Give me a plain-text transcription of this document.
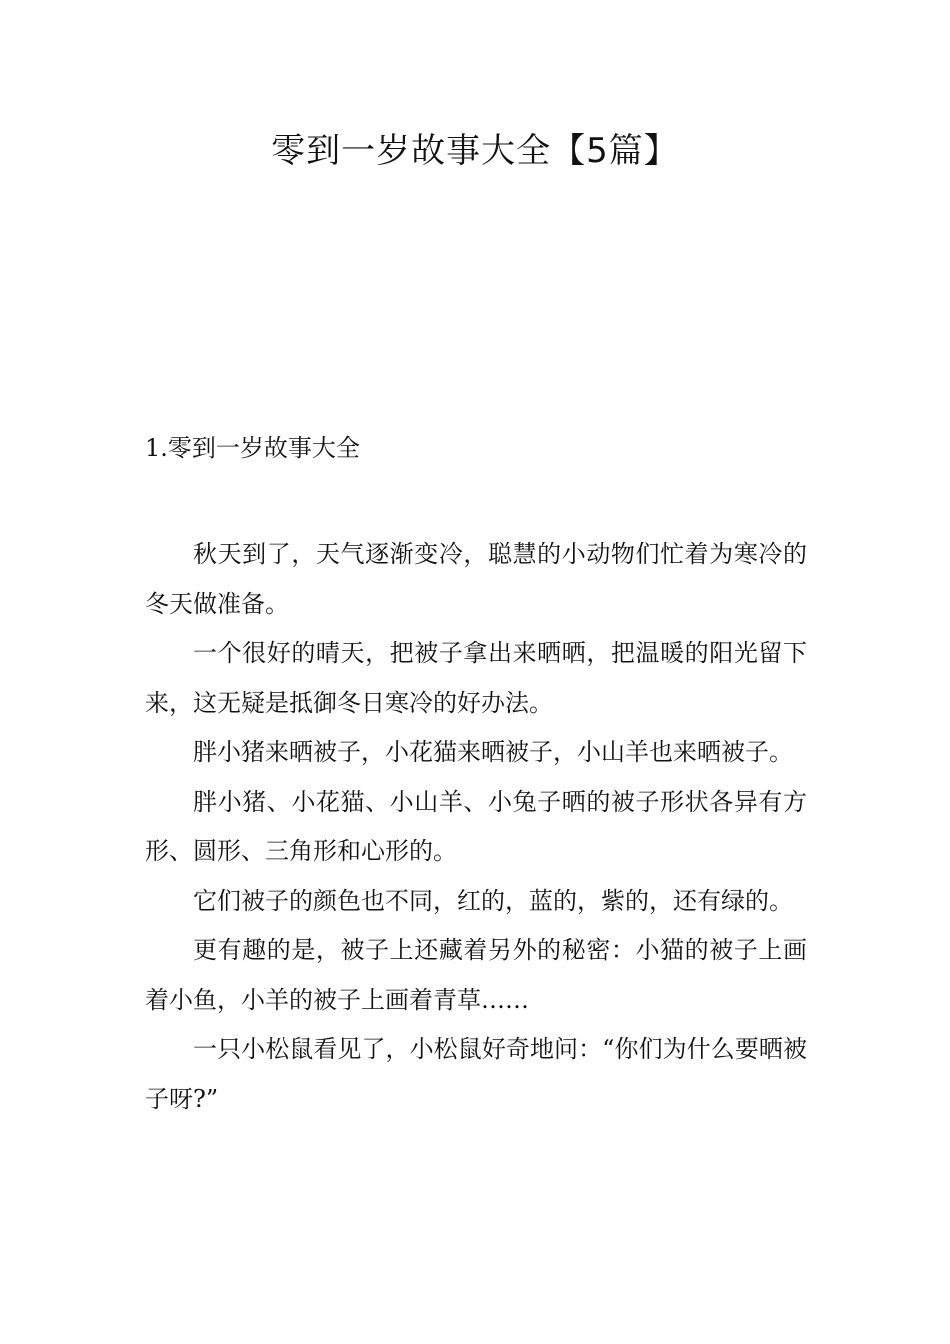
零到一岁故事大全【5篇】
1.零到一岁故事大全

秋天到了，天气逐渐变冷，聪慧的小动物们忙着为寒冷的冬天做准备。

一个很好的晴天，把被子拿出来晒晒，把温暖的阳光留下来，这无疑是抵御冬日寒冷的好办法。

胖小猪来晒被子，小花猫来晒被子，小山羊也来晒被子。

胖小猪、小花猫、小山羊、小兔子晒的被子形状各异有方形、圆形、三角形和心形的。

它们被子的颜色也不同，红的，蓝的，紫的，还有绿的。

更有趣的是，被子上还藏着另外的秘密：小猫的被子上画着小鱼，小羊的被子上画着青草……

一只小松鼠看见了，小松鼠好奇地问：“你们为什么要晒被子呀?”
